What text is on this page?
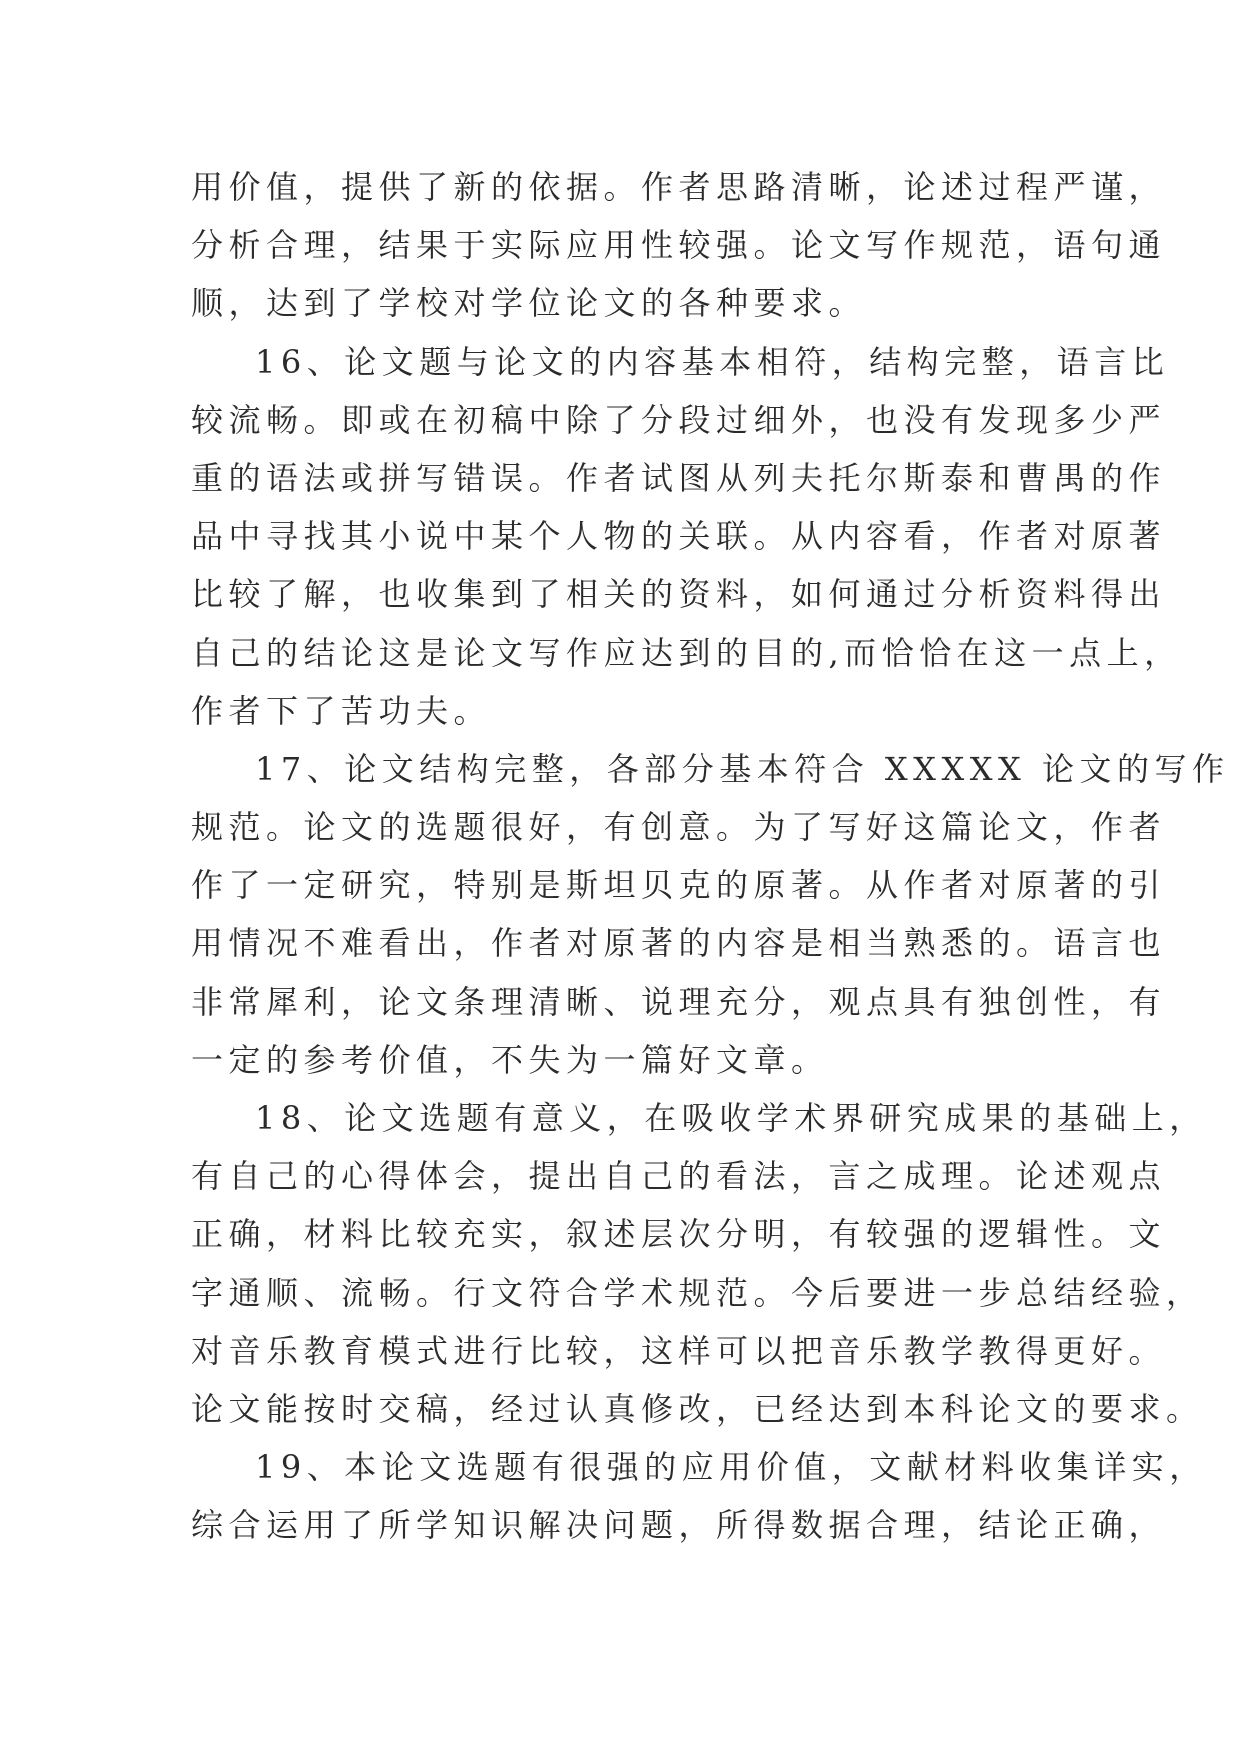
用价值，提供了新的依据。作者思路清晰，论述过程严谨，
分析合理，结果于实际应用性较强。论文写作规范，语句通
顺，达到了学校对学位论文的各种要求。
16、论文题与论文的内容基本相符，结构完整，语言比
较流畅。即或在初稿中除了分段过细外，也没有发现多少严
重的语法或拼写错误。作者试图从列夫托尔斯泰和曹禺的作
品中寻找其小说中某个人物的关联。从内容看，作者对原著
比较了解，也收集到了相关的资料，如何通过分析资料得出
自己的结论这是论文写作应达到的目的,而恰恰在这一点上，
作者下了苦功夫。
17、论文结构完整，各部分基本符合 XXXXX 论文的写作
规范。论文的选题很好，有创意。为了写好这篇论文，作者
作了一定研究，特别是斯坦贝克的原著。从作者对原著的引
用情况不难看出，作者对原著的内容是相当熟悉的。语言也
非常犀利，论文条理清晰、说理充分，观点具有独创性，有
一定的参考价值，不失为一篇好文章。
18、论文选题有意义，在吸收学术界研究成果的基础上，
有自己的心得体会，提出自己的看法，言之成理。论述观点
正确，材料比较充实，叙述层次分明，有较强的逻辑性。文
字通顺、流畅。行文符合学术规范。今后要进一步总结经验，
对音乐教育模式进行比较，这样可以把音乐教学教得更好。
论文能按时交稿，经过认真修改，已经达到本科论文的要求。
19、本论文选题有很强的应用价值，文献材料收集详实，
综合运用了所学知识解决问题，所得数据合理，结论正确，
